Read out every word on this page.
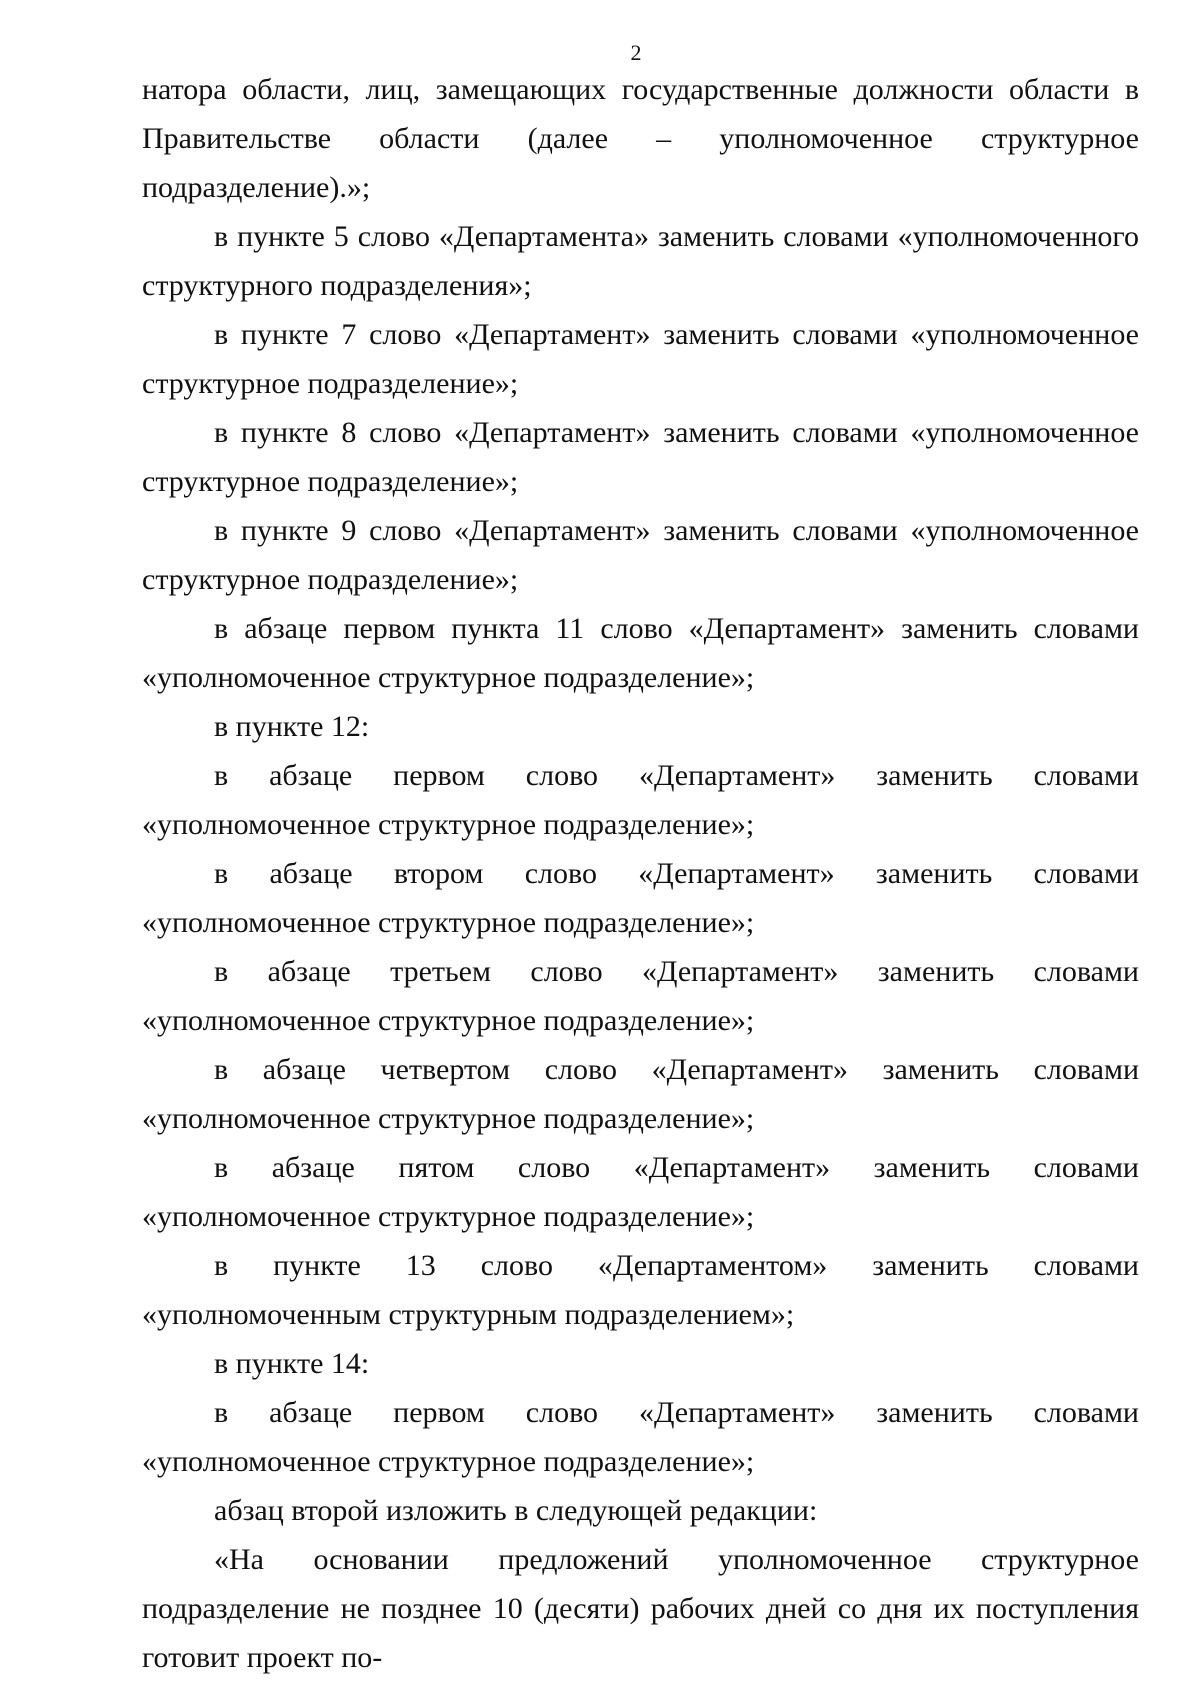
2

натора области, лиц, замещающих государственные должности области в Правительстве области (далее – уполномоченное структурное подразделение).»;

в пункте 5 слово «Департамента» заменить словами «уполномоченного структурного подразделения»;

в пункте 7 слово «Департамент» заменить словами «уполномоченное структурное подразделение»;

в пункте 8 слово «Департамент» заменить словами «уполномоченное структурное подразделение»;

в пункте 9 слово «Департамент» заменить словами «уполномоченное структурное подразделение»;

в абзаце первом пункта 11 слово «Департамент» заменить словами «уполномоченное структурное подразделение»;

в пункте 12:

в абзаце первом слово «Департамент» заменить словами «уполномоченное структурное подразделение»;

в абзаце втором слово «Департамент» заменить словами «уполномоченное структурное подразделение»;

в абзаце третьем слово «Департамент» заменить словами «уполномоченное структурное подразделение»;

в абзаце четвертом слово «Департамент» заменить словами «уполномоченное структурное подразделение»;

в абзаце пятом слово «Департамент» заменить словами «уполномоченное структурное подразделение»;

в пункте 13 слово «Департаментом» заменить словами «уполномоченным структурным подразделением»;

в пункте 14:

в абзаце первом слово «Департамент» заменить словами «уполномоченное структурное подразделение»;

абзац второй изложить в следующей редакции:

«На основании предложений уполномоченное структурное подразделение не позднее 10 (десяти) рабочих дней со дня их поступления готовит проект по-
